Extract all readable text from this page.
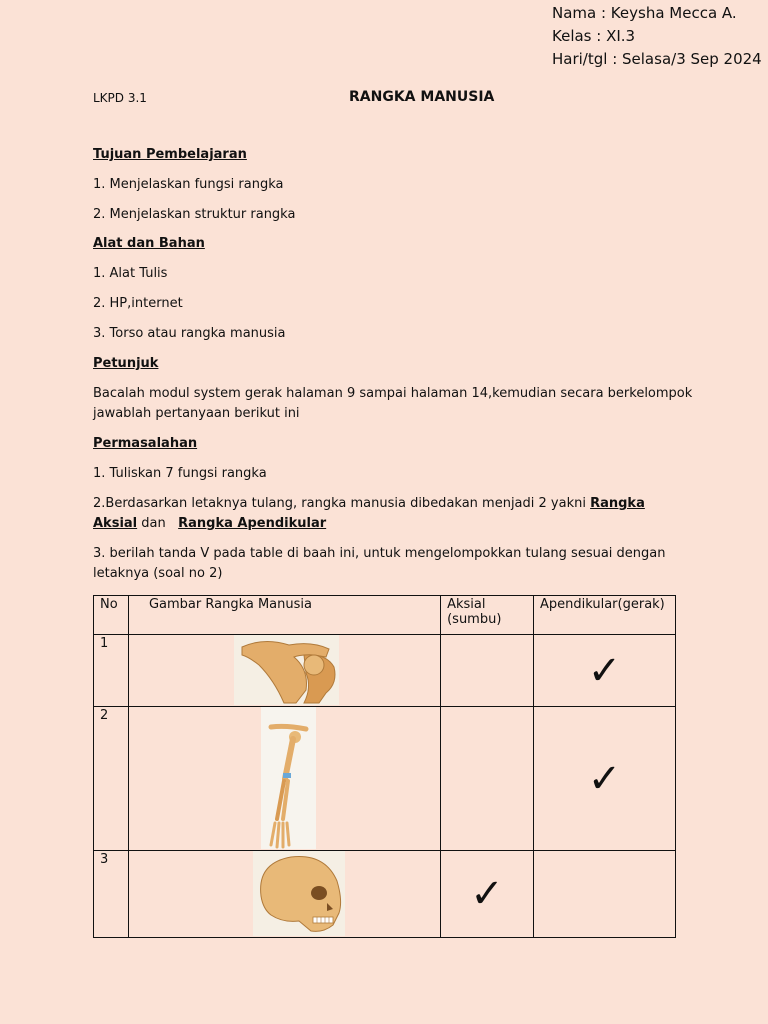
Nama : Keysha Mecca A.
Kelas : XI.3
Hari/tgl : Selasa/3 Sep 2024
LKPD 3.1	RANGKA MANUSIA
Tujuan Pembelajaran
1. Menjelaskan fungsi rangka
2. Menjelaskan struktur rangka
Alat dan Bahan
1. Alat Tulis
2. HP,internet
3. Torso atau rangka manusia
Petunjuk
Bacalah modul system gerak halaman 9 sampai halaman 14,kemudian secara berkelompok
jawablah pertanyaan berikut ini
Permasalahan
1. Tuliskan 7 fungsi rangka
2.Berdasarkan letaknya tulang, rangka manusia dibedakan menjadi 2 yakni Rangka
Aksial dan   Rangka Apendikular
3. berilah tanda V pada table di baah ini, untuk mengelompokkan tulang sesuai dengan
letaknya (soal no 2)
No	Gambar Rangka Manusia	Aksial (sumbu)	Apendikular(gerak)
1			✓

2			✓

3		✓	
